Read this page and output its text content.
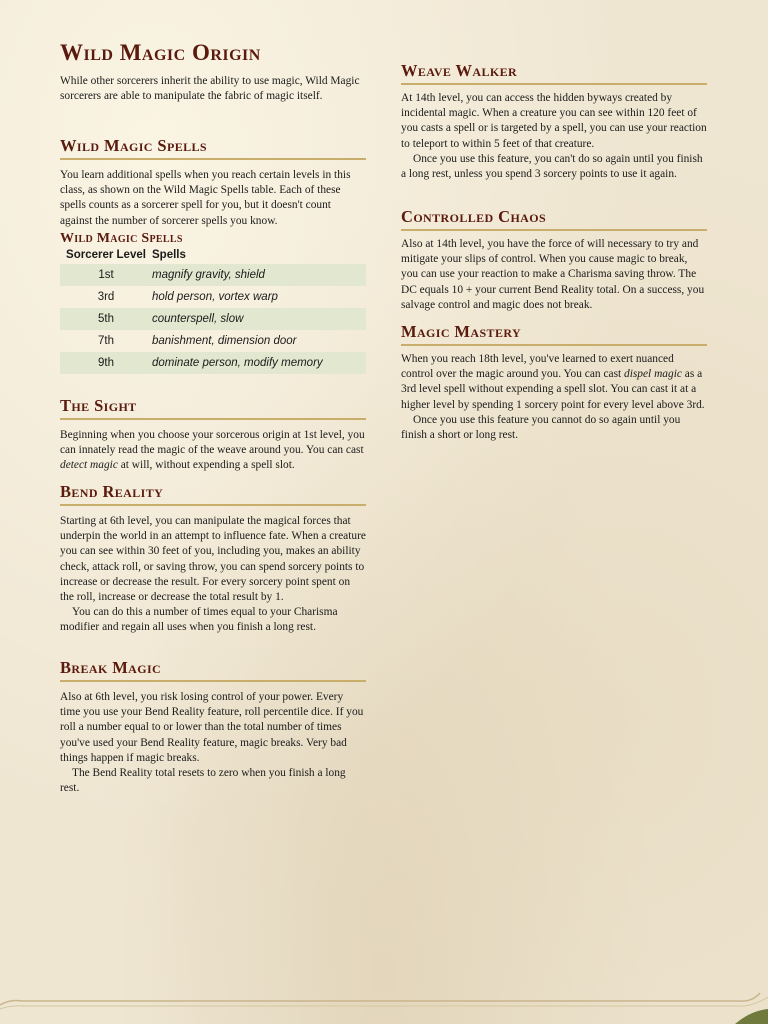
Wild Magic Origin

While other sorcerers inherit the ability to use magic, Wild Magic sorcerers are able to manipulate the fabric of magic itself.

Wild Magic Spells

You learn additional spells when you reach certain levels in this class, as shown on the Wild Magic Spells table. Each of these spells counts as a sorcerer spell for you, but it doesn't count against the number of sorcerer spells you know.

Wild Magic Spells
Sorcerer Level	Spells
1st	magnify gravity, shield
3rd	hold person, vortex warp
5th	counterspell, slow
7th	banishment, dimension door
9th	dominate person, modify memory
The Sight

Beginning when you choose your sorcerous origin at 1st level, you can innately read the magic of the weave around you. You can cast detect magic at will, without expending a spell slot.

Bend Reality

Starting at 6th level, you can manipulate the magical forces that underpin the world in an attempt to influence fate. When a creature you can see within 30 feet of you, including you, makes an ability check, attack roll, or saving throw, you can spend sorcery points to increase or decrease the result. For every sorcery point spent on the roll, increase or decrease the total result by 1.

You can do this a number of times equal to your Charisma modifier and regain all uses when you finish a long rest.

Break Magic

Also at 6th level, you risk losing control of your power. Every time you use your Bend Reality feature, roll percentile dice. If you roll a number equal to or lower than the total number of times you've used your Bend Reality feature, magic breaks. Very bad things happen if magic breaks.

The Bend Reality total resets to zero when you finish a long rest.

Weave Walker

At 14th level, you can access the hidden byways created by incidental magic. When a creature you can see within 120 feet of you casts a spell or is targeted by a spell, you can use your reaction to teleport to within 5 feet of that creature.

Once you use this feature, you can't do so again until you finish a long rest, unless you spend 3 sorcery points to use it again.

Controlled Chaos

Also at 14th level, you have the force of will necessary to try and mitigate your slips of control. When you cause magic to break, you can use your reaction to make a Charisma saving throw. The DC equals 10 + your current Bend Reality total. On a success, you salvage control and magic does not break.

Magic Mastery

When you reach 18th level, you've learned to exert nuanced control over the magic around you. You can cast dispel magic as a 3rd level spell without expending a spell slot. You can cast it at a higher level by spending 1 sorcery point for every level above 3rd.

Once you use this feature you cannot do so again until you finish a short or long rest.
